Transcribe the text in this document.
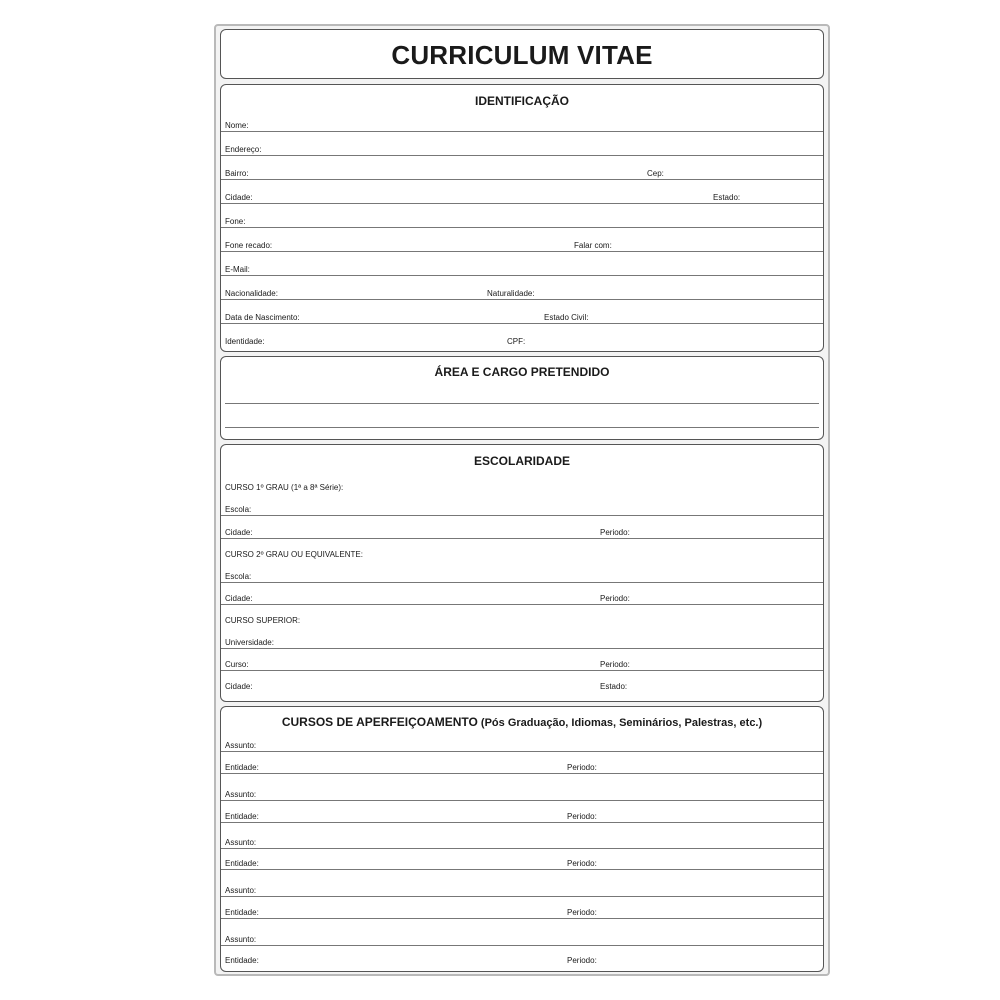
CURRICULUM VITAE
IDENTIFICAÇÃO
Nome:
Endereço:
Bairro:	Cep:
Cidade:	Estado:
Fone:
Fone recado:	Falar com:
E-Mail:
Nacionalidade:	Naturalidade:
Data de Nascimento:	Estado Civil:
Identidade:	CPF:
ÁREA E CARGO PRETENDIDO
ESCOLARIDADE
CURSO 1º GRAU (1ª a 8ª Série):
Escola:
Cidade:	Periodo:
CURSO 2º GRAU OU EQUIVALENTE:
Escola:
Cidade:	Periodo:
CURSO SUPERIOR:
Universidade:
Curso:	Periodo:
Cidade:	Estado:
CURSOS DE APERFEIÇOAMENTO (Pós Graduação, Idiomas, Seminários, Palestras, etc.)
Assunto:
Entidade:	Periodo:
Assunto:
Entidade:	Periodo:
Assunto:
Entidade:	Periodo:
Assunto:
Entidade:	Periodo:
Assunto:
Entidade:	Periodo:
